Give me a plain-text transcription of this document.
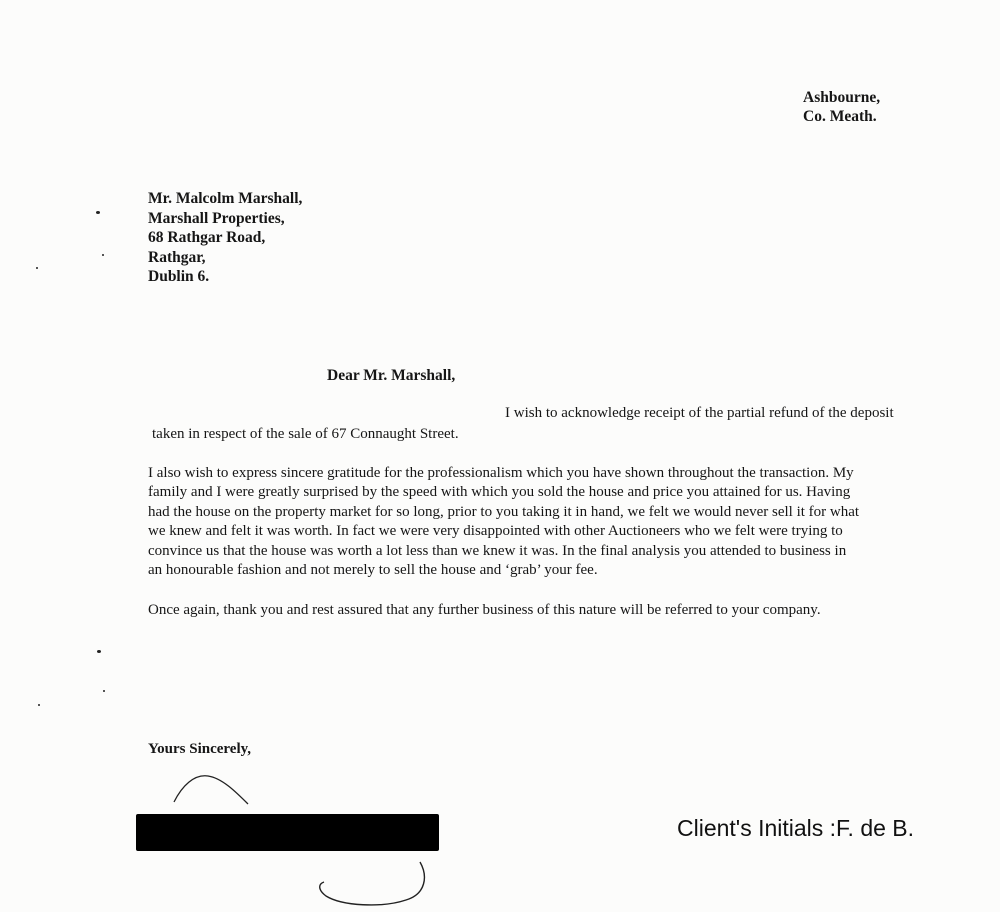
Ashbourne,
Co. Meath.
Mr. Malcolm Marshall,
Marshall Properties,
68 Rathgar Road,
Rathgar,
Dublin 6.
Dear Mr. Marshall,
I wish to acknowledge receipt of the partial refund of the deposit
taken in respect of the sale of 67 Connaught Street.
I also wish to express sincere gratitude for the professionalism which you have shown throughout the transaction. My
family and I were greatly surprised by the speed with which you sold the house and price you attained for us. Having
had the house on the property market for so long, prior to you taking it in hand, we felt we would never sell it for what
we knew and felt it was worth. In fact we were very disappointed with other Auctioneers who we felt were trying to
convince us that the house was worth a lot less than we knew it was. In the final analysis you attended to business in
an honourable fashion and not merely to sell the house and ‘grab’ your fee.
Once again, thank you and rest assured that any further business of this nature will be referred to your company.
Yours Sincerely,
Client's Initials :F. de B.
